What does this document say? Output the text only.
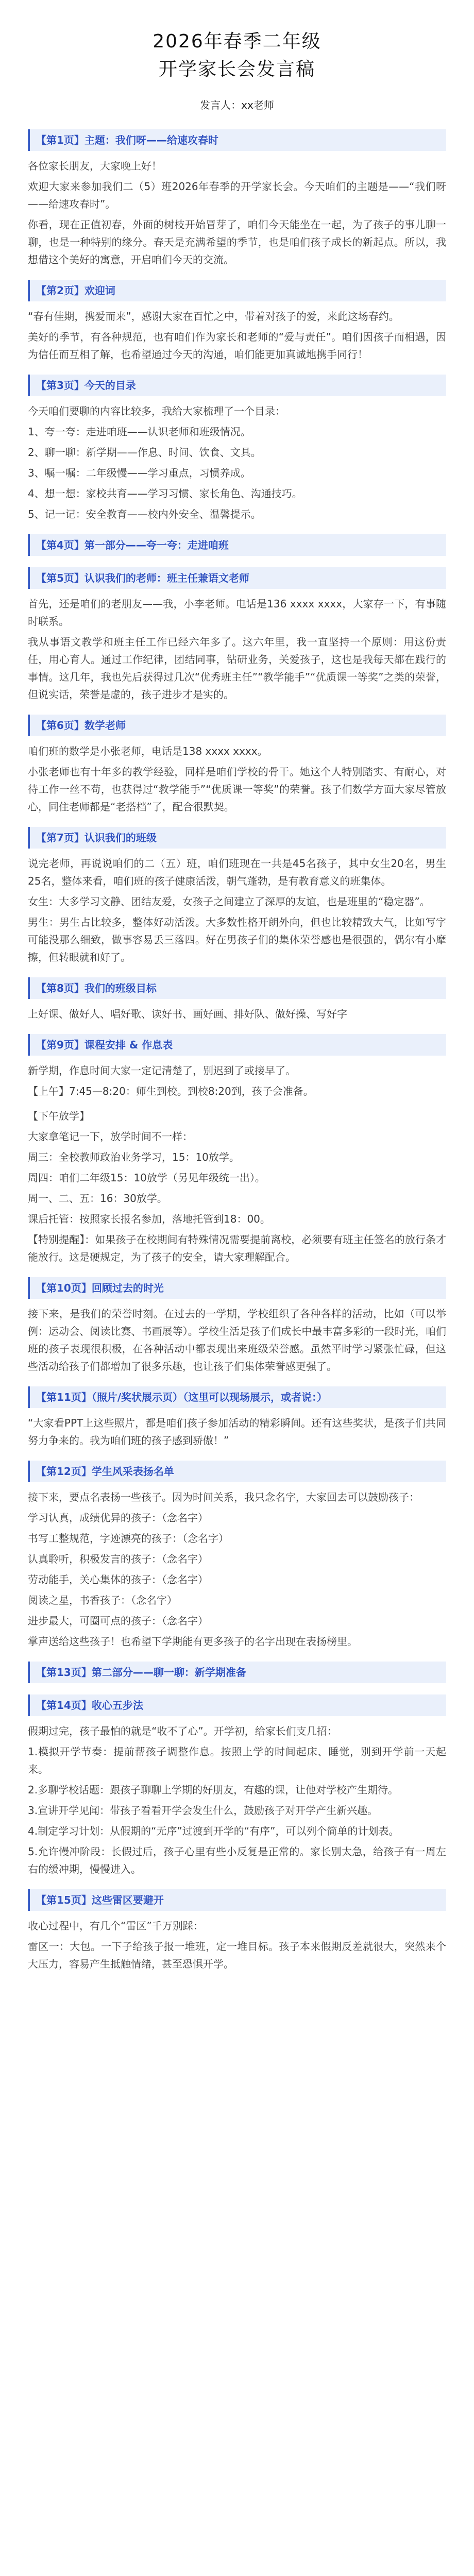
2026年春季二年级
开学家长会发言稿
发言人：xx老师
【第1页】主题：我们呀——给速攻春时

各位家长朋友，大家晚上好！

欢迎大家来参加我们二（5）班2026年春季的开学家长会。今天咱们的主题是——“我们呀——给速攻春时”。

你看，现在正值初春，外面的树枝开始冒芽了，咱们今天能坐在一起，为了孩子的事儿聊一聊，也是一种特别的缘分。春天是充满希望的季节，也是咱们孩子成长的新起点。所以，我想借这个美好的寓意，开启咱们今天的交流。

【第2页】欢迎词

“春有佳期，携爱而来”，感谢大家在百忙之中，带着对孩子的爱，来此这场春约。

美好的季节，有各种规范，也有咱们作为家长和老师的“爱与责任”。咱们因孩子而相遇，因为信任而互相了解，也希望通过今天的沟通，咱们能更加真诚地携手同行！

【第3页】今天的目录

今天咱们要聊的内容比较多，我给大家梳理了一个目录：

1、夸一夸：走进咱班——认识老师和班级情况。

2、聊一聊：新学期——作息、时间、饮食、文具。

3、嘱一嘱：二年级慢——学习重点，习惯养成。

4、想一想：家校共育——学习习惯、家长角色、沟通技巧。

5、记一记：安全教育——校内外安全、温馨提示。

【第4页】第一部分——夸一夸：走进咱班
【第5页】认识我们的老师：班主任兼语文老师

首先，还是咱们的老朋友——我，小李老师。电话是136 xxxx xxxx，大家存一下，有事随时联系。

我从事语文教学和班主任工作已经六年多了。这六年里，我一直坚持一个原则：用这份责任，用心育人。通过工作纪律，团结同事，钻研业务，关爱孩子，这也是我每天都在践行的事情。这几年，我也先后获得过几次“优秀班主任”“教学能手”“优质课一等奖”之类的荣誉，但说实话，荣誉是虚的，孩子进步才是实的。

【第6页】数学老师

咱们班的数学是小张老师，电话是138 xxxx xxxx。

小张老师也有十年多的教学经验，同样是咱们学校的骨干。她这个人特别踏实、有耐心，对待工作一丝不苟，也获得过“教学能手”“优质课一等奖”的荣誉。孩子们数学方面大家尽管放心，同住老师都是“老搭档”了，配合很默契。

【第7页】认识我们的班级

说完老师，再说说咱们的二（五）班，咱们班现在一共是45名孩子，其中女生20名，男生25名，整体来看，咱们班的孩子健康活泼，朝气蓬勃，是有教育意义的班集体。

女生：大多学习文静、团结友爱，女孩子之间建立了深厚的友谊，也是班里的“稳定器”。

男生：男生占比较多，整体好动活泼。大多数性格开朗外向，但也比较精致大气，比如写字可能没那么细致，做事容易丢三落四。好在男孩子们的集体荣誉感也是很强的，偶尔有小摩擦，但转眼就和好了。

【第8页】我们的班级目标

上好课、做好人、唱好歌、读好书、画好画、排好队、做好操、写好字

【第9页】课程安排 & 作息表

新学期，作息时间大家一定记清楚了，别迟到了或接早了。

【上午】7:45—8:20：师生到校。到校8:20到，孩子会准备。

【下午放学】

大家拿笔记一下，放学时间不一样：

周三：全校教师政治业务学习，15：10放学。

周四：咱们二年级15：10放学（另见年级统一出）。

周一、二、五：16：30放学。

课后托管：按照家长报名参加，落地托管到18：00。

【特别提醒】：如果孩子在校期间有特殊情况需要提前离校，必须要有班主任签名的放行条才能放行。这是硬规定，为了孩子的安全，请大家理解配合。

【第10页】回顾过去的时光

接下来，是我们的荣誉时刻。在过去的一学期，学校组织了各种各样的活动，比如（可以举例：运动会、阅读比赛、书画展等）。学校生活是孩子们成长中最丰富多彩的一段时光，咱们班的孩子表现很积极，在各种活动中都表现出来班级荣誉感。虽然平时学习紧张忙碌，但这些活动给孩子们都增加了很多乐趣，也让孩子们集体荣誉感更强了。

【第11页】（照片/奖状展示页）（这里可以现场展示，或者说：）

“大家看PPT上这些照片，都是咱们孩子参加活动的精彩瞬间。还有这些奖状，是孩子们共同努力争来的。我为咱们班的孩子感到骄傲！”

【第12页】学生风采表扬名单

接下来，要点名表扬一些孩子。因为时间关系，我只念名字，大家回去可以鼓励孩子：

学习认真，成绩优异的孩子：（念名字）

书写工整规范，字迹漂亮的孩子：（念名字）

认真聆听，积极发言的孩子：（念名字）

劳动能手，关心集体的孩子：（念名字）

阅读之星，书香孩子：（念名字）

进步最大，可圈可点的孩子：（念名字）

掌声送给这些孩子！也希望下学期能有更多孩子的名字出现在表扬榜里。

【第13页】第二部分——聊一聊：新学期准备
【第14页】收心五步法

假期过完，孩子最怕的就是“收不了心”。开学初，给家长们支几招：

1.模拟开学节奏：提前帮孩子调整作息。按照上学的时间起床、睡觉，别到开学前一天起来。

2.多聊学校话题：跟孩子聊聊上学期的好朋友，有趣的课，让他对学校产生期待。

3.宣讲开学见闻：带孩子看看开学会发生什么，鼓励孩子对开学产生新兴趣。

4.制定学习计划：从假期的“无序”过渡到开学的“有序”，可以列个简单的计划表。

5.允许慢冲阶段：长假过后，孩子心里有些小反复是正常的。家长别太急，给孩子有一周左右的缓冲期，慢慢进入。

【第15页】这些雷区要避开

收心过程中，有几个“雷区”千万别踩：

雷区一：大包。一下子给孩子报一堆班，定一堆目标。孩子本来假期反差就很大，突然来个大压力，容易产生抵触情绪，甚至恐惧开学。
